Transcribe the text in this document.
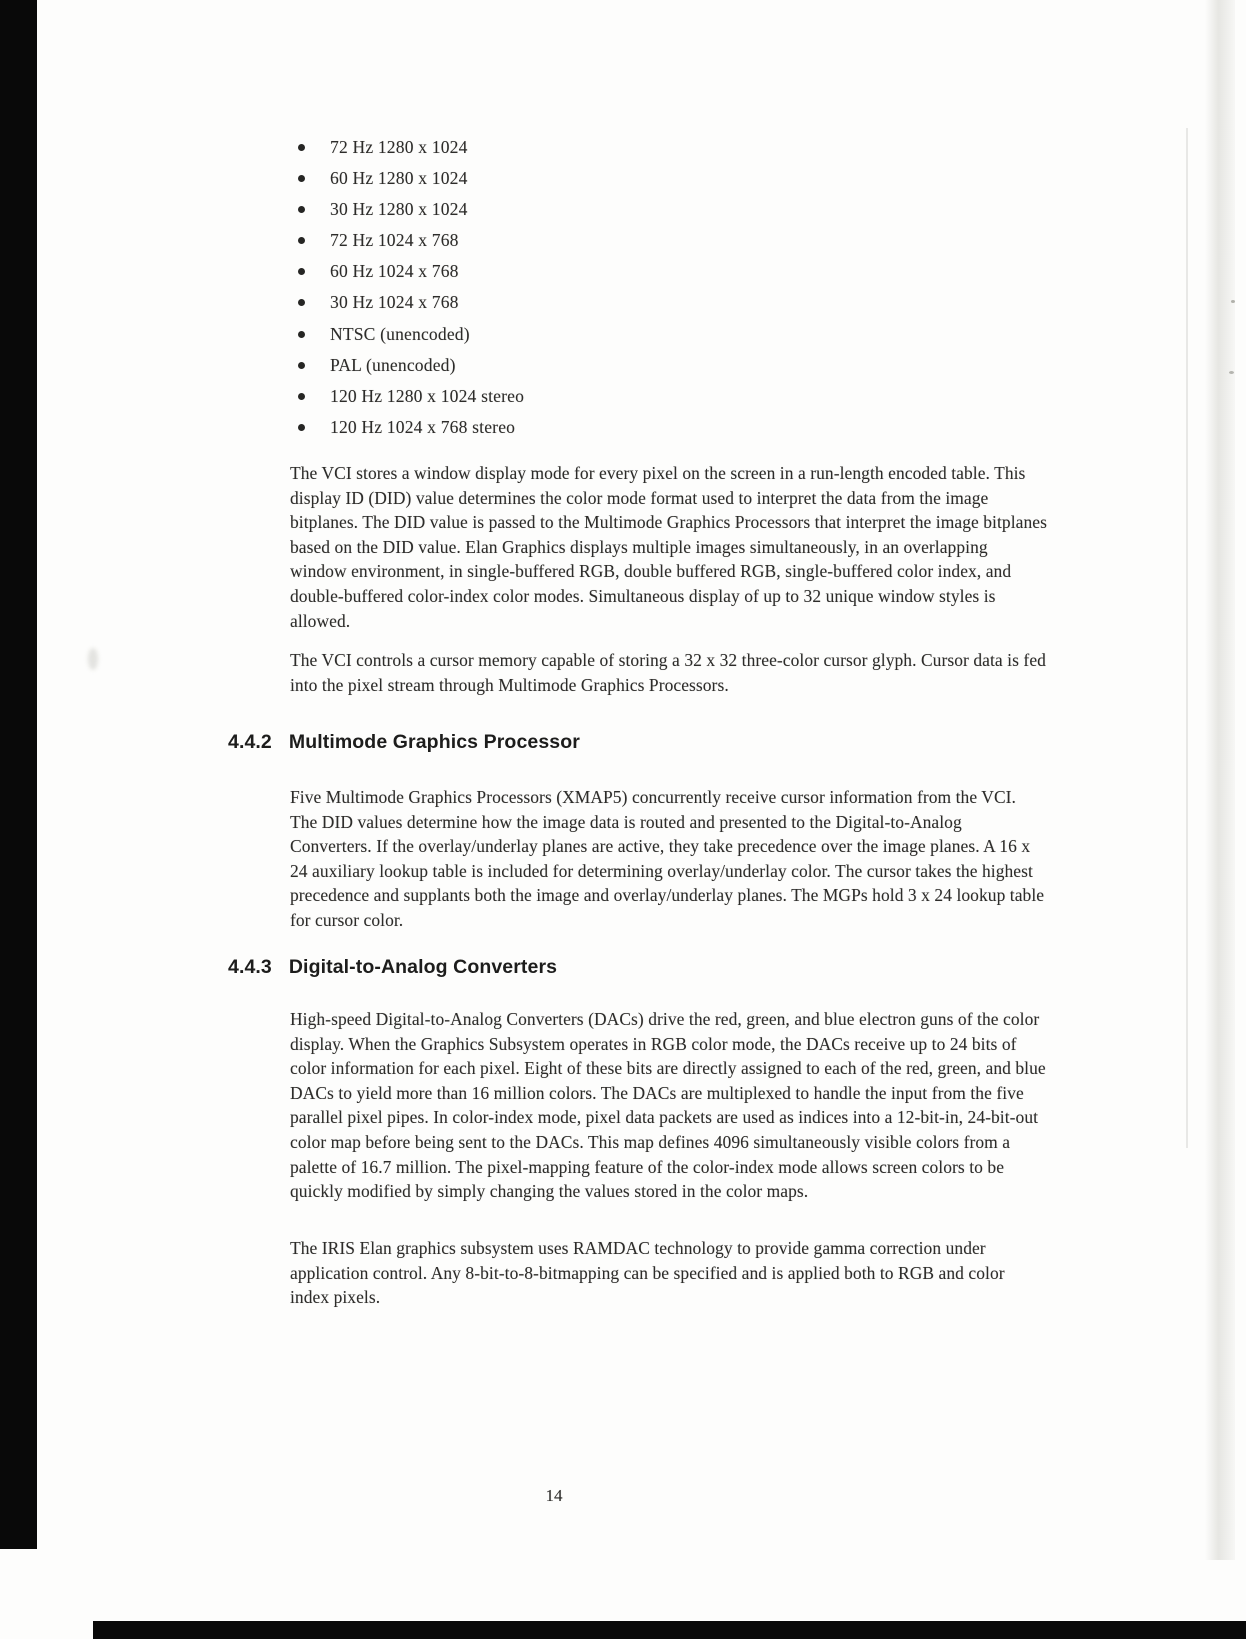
72 Hz 1280 x 1024
60 Hz 1280 x 1024
30 Hz 1280 x 1024
72 Hz 1024 x 768
60 Hz 1024 x 768
30 Hz 1024 x 768
NTSC (unencoded)
PAL (unencoded)
120 Hz 1280 x 1024 stereo
120 Hz 1024 x 768 stereo

The VCI stores a window display mode for every pixel on the screen in a run-length encoded table. This display ID (DID) value determines the color mode format used to interpret the data from the image bitplanes. The DID value is passed to the Multimode Graphics Processors that interpret the image bitplanes based on the DID value. Elan Graphics displays multiple images simultaneously, in an overlapping window environment, in single-buffered RGB, double buffered RGB, single-buffered color index, and double-buffered color-index color modes. Simultaneous display of up to 32 unique window styles is allowed.

The VCI controls a cursor memory capable of storing a 32 x 32 three-color cursor glyph. Cursor data is fed into the pixel stream through Multimode Graphics Processors.

4.4.2 Multimode Graphics Processor

Five Multimode Graphics Processors (XMAP5) concurrently receive cursor information from the VCI. The DID values determine how the image data is routed and presented to the Digital-to-Analog Converters. If the overlay/underlay planes are active, they take precedence over the image planes. A 16 x 24 auxiliary lookup table is included for determining overlay/underlay color. The cursor takes the highest precedence and supplants both the image and overlay/underlay planes. The MGPs hold 3 x 24 lookup table for cursor color.

4.4.3 Digital-to-Analog Converters

High-speed Digital-to-Analog Converters (DACs) drive the red, green, and blue electron guns of the color display. When the Graphics Subsystem operates in RGB color mode, the DACs receive up to 24 bits of color information for each pixel. Eight of these bits are directly assigned to each of the red, green, and blue DACs to yield more than 16 million colors. The DACs are multiplexed to handle the input from the five parallel pixel pipes. In color-index mode, pixel data packets are used as indices into a 12-bit-in, 24-bit-out color map before being sent to the DACs. This map defines 4096 simultaneously visible colors from a palette of 16.7 million. The pixel-mapping feature of the color-index mode allows screen colors to be quickly modified by simply changing the values stored in the color maps.

The IRIS Elan graphics subsystem uses RAMDAC technology to provide gamma correction under application control. Any 8-bit-to-8-bitmapping can be specified and is applied both to RGB and color index pixels.

14
